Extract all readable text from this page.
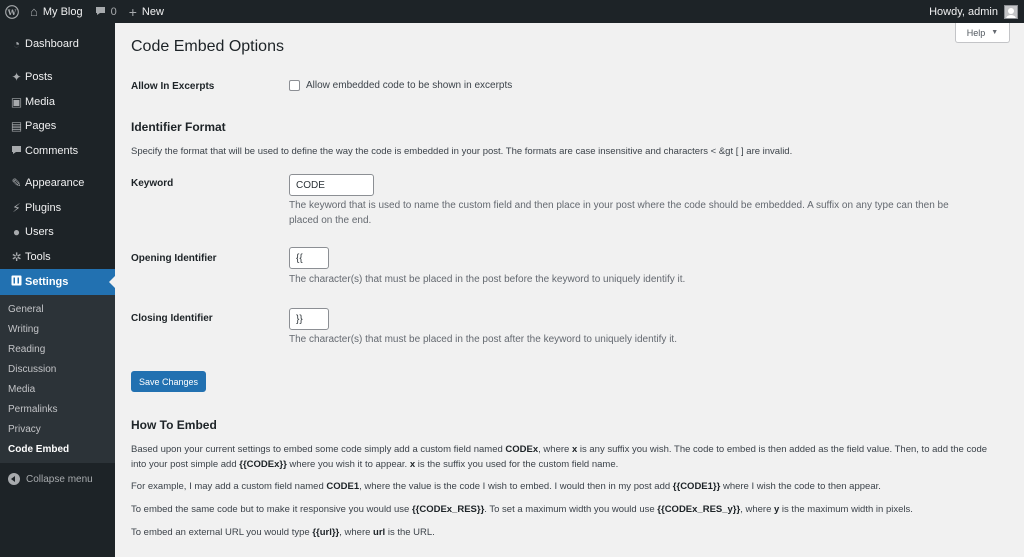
W ⌂ My Blog	0 + New	Howdy, admin
◔ Dashboard
✦ Posts
▣ Media
▤ Pages
Comments
✎ Appearance
⚡ Plugins
● Users
✲ Tools
Settings
General
Writing
Reading
Discussion
Media
Permalinks
Privacy
Code Embed
Collapse menu
Help ▼
Code Embed Options
Allow In Excerpts	Allow embedded code to be shown in excerpts
Identifier Format

Specify the format that will be used to define the way the code is embedded in your post. The formats are case insensitive and characters < &gt [ ] are invalid.

Keyword	CODE
The keyword that is used to name the custom field and then place in your post where the code should be embedded. A suffix on any type can then be
placed on the end.
Opening Identifier	{{
The character(s) that must be placed in the post before the keyword to uniquely identify it.
Closing Identifier	}}
The character(s) that must be placed in the post after the keyword to uniquely identify it.
Save Changes
How To Embed

Based upon your current settings to embed some code simply add a custom field named CODEx, where x is any suffix you wish. The code to embed is then added as the field value. Then, to add the code into your post simple add {{CODEx}} where you wish it to appear. x is the suffix you used for the custom field name.

For example, I may add a custom field named CODE1, where the value is the code I wish to embed. I would then in my post add {{CODE1}} where I wish the code to then appear.

To embed the same code but to make it responsive you would use {{CODEx_RES}}. To set a maximum width you would use {{CODEx_RES_y}}, where y is the maximum width in pixels.

To embed an external URL you would type {{url}}, where url is the URL.
